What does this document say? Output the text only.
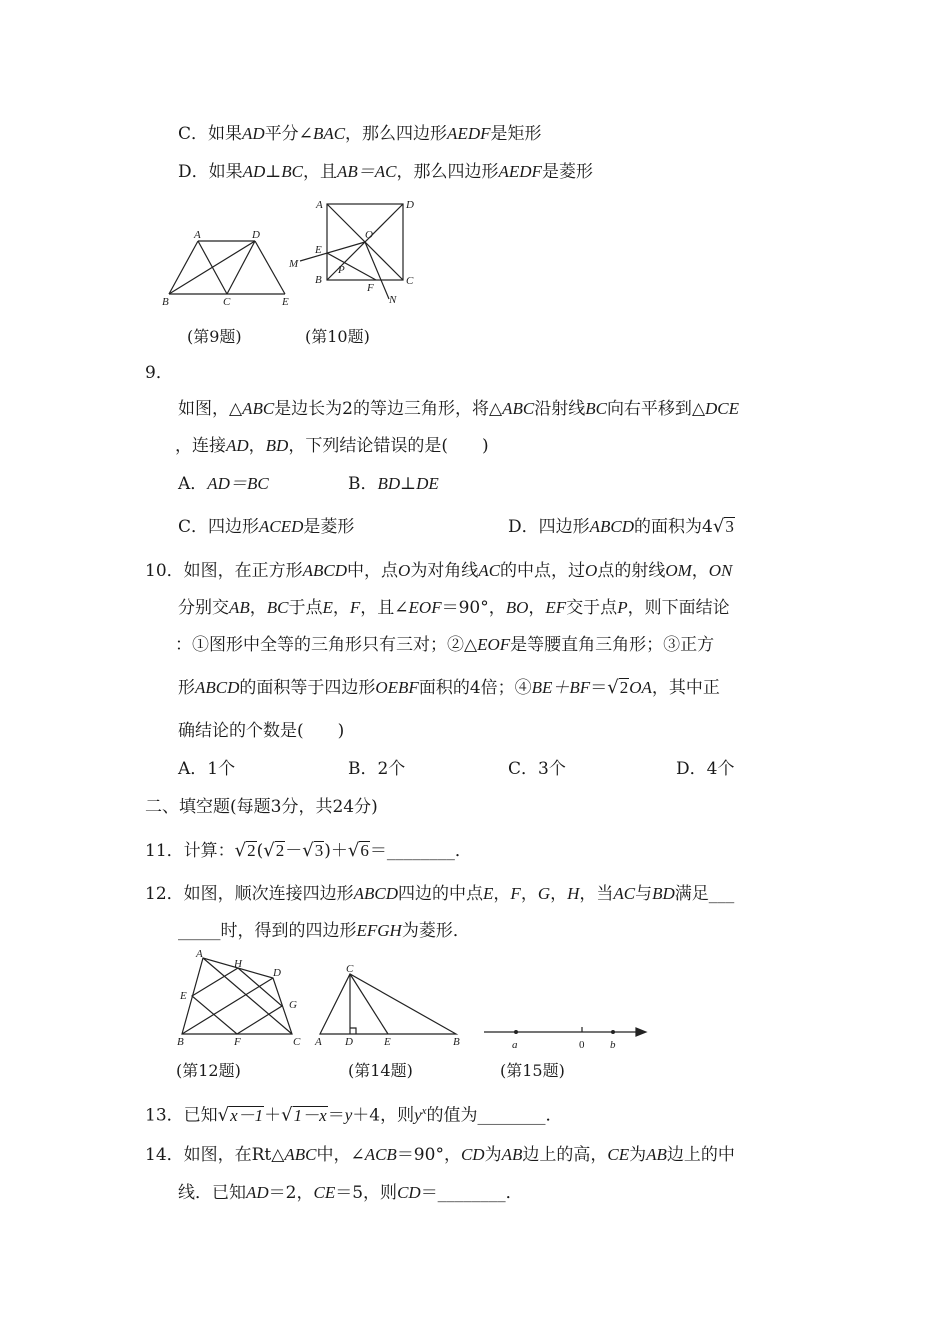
C．如果AD平分∠BAC，那么四边形AEDF是矩形
D．如果AD⊥BC，且AB＝AC，那么四边形AEDF是菱形
A	D
B	C	E
(第9题)
A	D
O
E
M	P
B
F
C
N
(第10题)
9．
如图，△ABC是边长为2的等边三角形，将△ABC沿射线BC向右平移到△DCE
，连接AD，BD，下列结论错误的是(　　)
A．AD＝BC	B．BD⊥DE
C．四边形ACED是菱形	D．四边形ABCD的面积为4√3
10．如图，在正方形ABCD中，点O为对角线AC的中点，过O点的射线OM，ON
分别交AB，BC于点E，F，且∠EOF＝90°，BO，EF交于点P，则下面结论
：①图形中全等的三角形只有三对；②△EOF是等腰直角三角形；③正方
形ABCD的面积等于四边形OEBF面积的4倍；④BE＋BF＝√2OA，其中正
确结论的个数是(　　)
A．1个	B．2个	C．3个	D．4个
二、填空题(每题3分，共24分)
11．计算：√2(√2－√3)＋√6＝________．
12．如图，顺次连接四边形ABCD四边的中点E，F，G，H，当AC与BD满足___
_____时，得到的四边形EFGH为菱形．
A
H
D
E
G
B	F	C
(第12题)
C
A D	E	B
(第14题)
a	0 b
(第15题)
13．已知√x－1＋√1－x＝y＋4，则$y^x$的值为________．
14．如图，在Rt△ABC中，∠ACB＝90°，CD为AB边上的高，CE为AB边上的中
线．已知AD＝2，CE＝5，则CD＝________．
